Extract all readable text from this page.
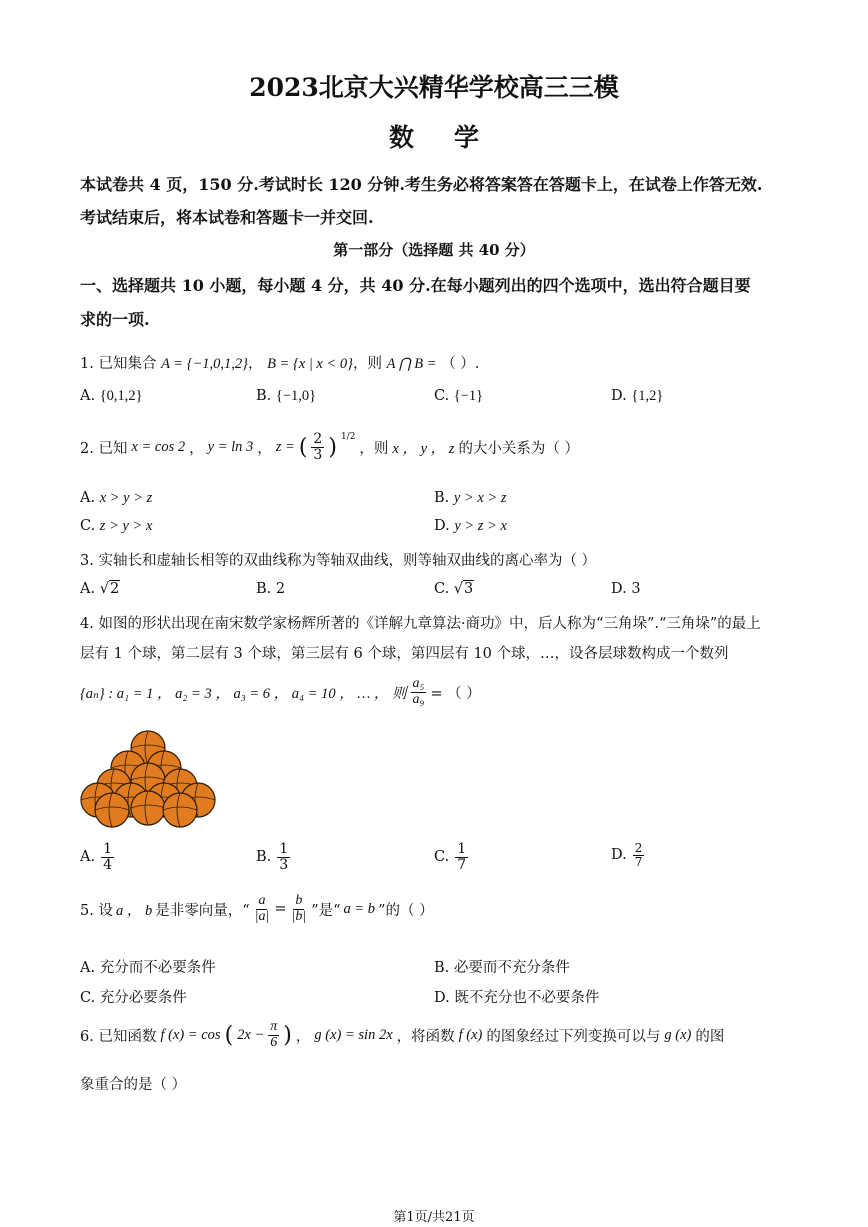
2023北京大兴精华学校高三三模
数学
本试卷共 4 页，150 分.考试时长 120 分钟.考生务必将答案答在答题卡上，在试卷上作答无效.
考试结束后，将本试卷和答题卡一并交回.
第一部分（选择题 共 40 分）
一、选择题共 10 小题，每小题 4 分，共 40 分.在每小题列出的四个选项中，选出符合题目要
求的一项.
1. 已知集合 A = {−1,0,1,2}， B = {x | x < 0}，则 A ⋂ B = （ ）.
A. {0,1,2}	B. {−1,0}	C. {−1}	D. {1,2}
2. 已知 x = cos 2 ， y = ln 3 ， z = ( $\frac{2}{3}$ ) $^{1/2}$
，则 x ， y ， z 的大小关系为（ ）
A. x > y > z	B. y > x > z
C. z > y > x	D. y > z > x
3. 实轴长和虚轴长相等的双曲线称为等轴双曲线，则等轴双曲线的离心率为（ ）
A. √2	B. 2	C. √3	D. 3
4. 如图的形状出现在南宋数学家杨辉所著的《详解九章算法·商功》中，后人称为“三角垛”.“三角垛”的最上
层有 1 个球，第二层有 3 个球，第三层有 6 个球，第四层有 10 个球，…，设各层球数构成一个数列
{aₙ} : a₁ = 1 ， a₂ = 3 ， a₃ = 6 ， a₄ = 10 ， … ， 则 $\frac{\text{a₅}}{\text{a₉}}$ = （ ）
A. $\frac{1}{4}$	B. $\frac{1}{3}$	C. $\frac{1}{7}$	D. $\frac{2}{7}$
5. 设 a ， b 是非零向量，“ $\frac{a}{|a|} = \frac{b}{|b|}$ ”是“ a = b ”的（ ）
A. 充分而不必要条件	B. 必要而不充分条件
C. 充分必要条件	D. 既不充分也不必要条件
6. 已知函数 f (x) = cos ( $2x - \frac{\pi}{6}$ ) ， g (x) = sin 2x ，将函数 f (x) 的图象经过下列变换可以与 g (x) 的图
象重合的是（ ）
第1页/共21页
